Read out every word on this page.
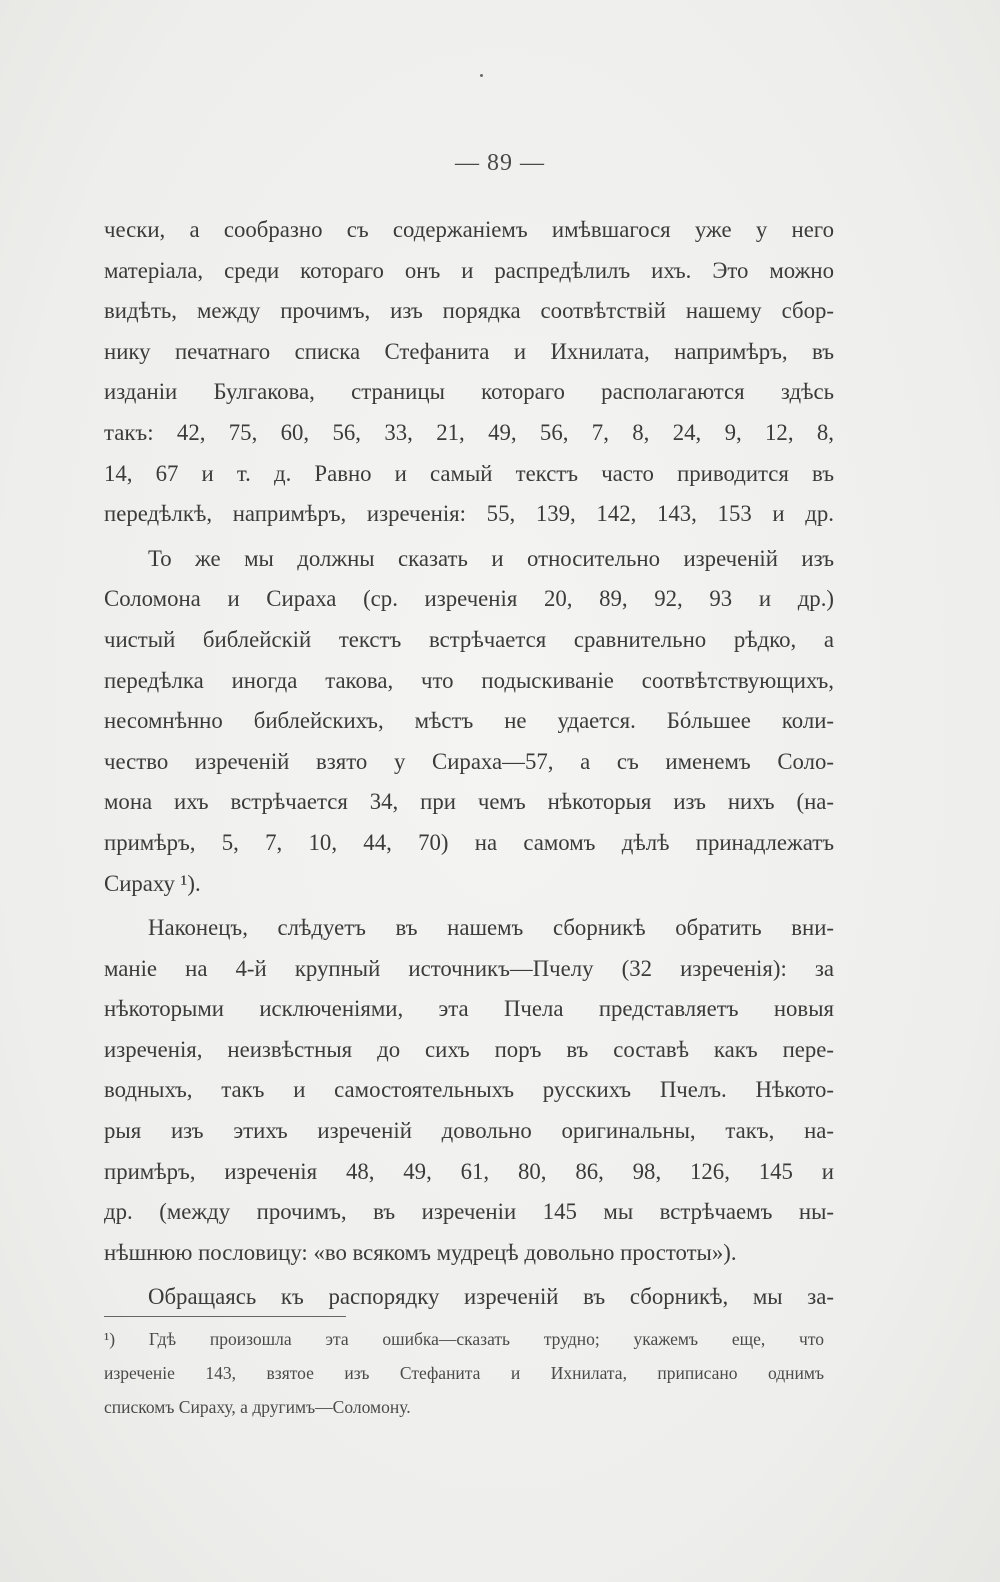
— 89 —
чески, а сообразно съ содержаніемъ имѣвшагося уже у него
матеріала, среди котораго онъ и распредѣлилъ ихъ. Это можно
видѣть, между прочимъ, изъ порядка соотвѣтствій нашему сбор-
нику печатнаго списка Стефанита и Ихнилата, напримѣръ, въ
изданіи Булгакова, страницы котораго располагаются здѣсь
такъ: 42, 75, 60, 56, 33, 21, 49, 56, 7, 8, 24, 9, 12, 8,
14, 67 и т. д. Равно и самый текстъ часто приводится въ
передѣлкѣ, напримѣръ, изреченія: 55, 139, 142, 143, 153 и др.
То же мы должны сказать и относительно изреченій изъ
Соломона и Сираха (ср. изреченія 20, 89, 92, 93 и др.)
чистый библейскій текстъ встрѣчается сравнительно рѣдко, а
передѣлка иногда такова, что подыскиваніе соотвѣтствующихъ,
несомнѣнно библейскихъ, мѣстъ не удается. Бóльшее коли-
чество изреченій взято у Сираха—57, а съ именемъ Соло-
мона ихъ встрѣчается 34, при чемъ нѣкоторыя изъ нихъ (на-
примѣръ, 5, 7, 10, 44, 70) на самомъ дѣлѣ принадлежатъ
Сираху ¹).
Наконецъ, слѣдуетъ въ нашемъ сборникѣ обратить вни-
маніе на 4-й крупный источникъ—Пчелу (32 изреченія): за
нѣкоторыми исключеніями, эта Пчела представляетъ новыя
изреченія, неизвѣстныя до сихъ поръ въ составѣ какъ пере-
водныхъ, такъ и самостоятельныхъ русскихъ Пчелъ. Нѣкото-
рыя изъ этихъ изреченій довольно оригинальны, такъ, на-
примѣръ, изреченія 48, 49, 61, 80, 86, 98, 126, 145 и
др. (между прочимъ, въ изреченіи 145 мы встрѣчаемъ ны-
нѣшнюю пословицу: «во всякомъ мудрецѣ довольно простоты»).
Обращаясь къ распорядку изреченій въ сборникѣ, мы за-
¹) Гдѣ произошла эта ошибка—сказать трудно; укажемъ еще, что
изреченіе 143, взятое изъ Стефанита и Ихнилата, приписано однимъ
спискомъ Сираху, а другимъ—Соломону.
